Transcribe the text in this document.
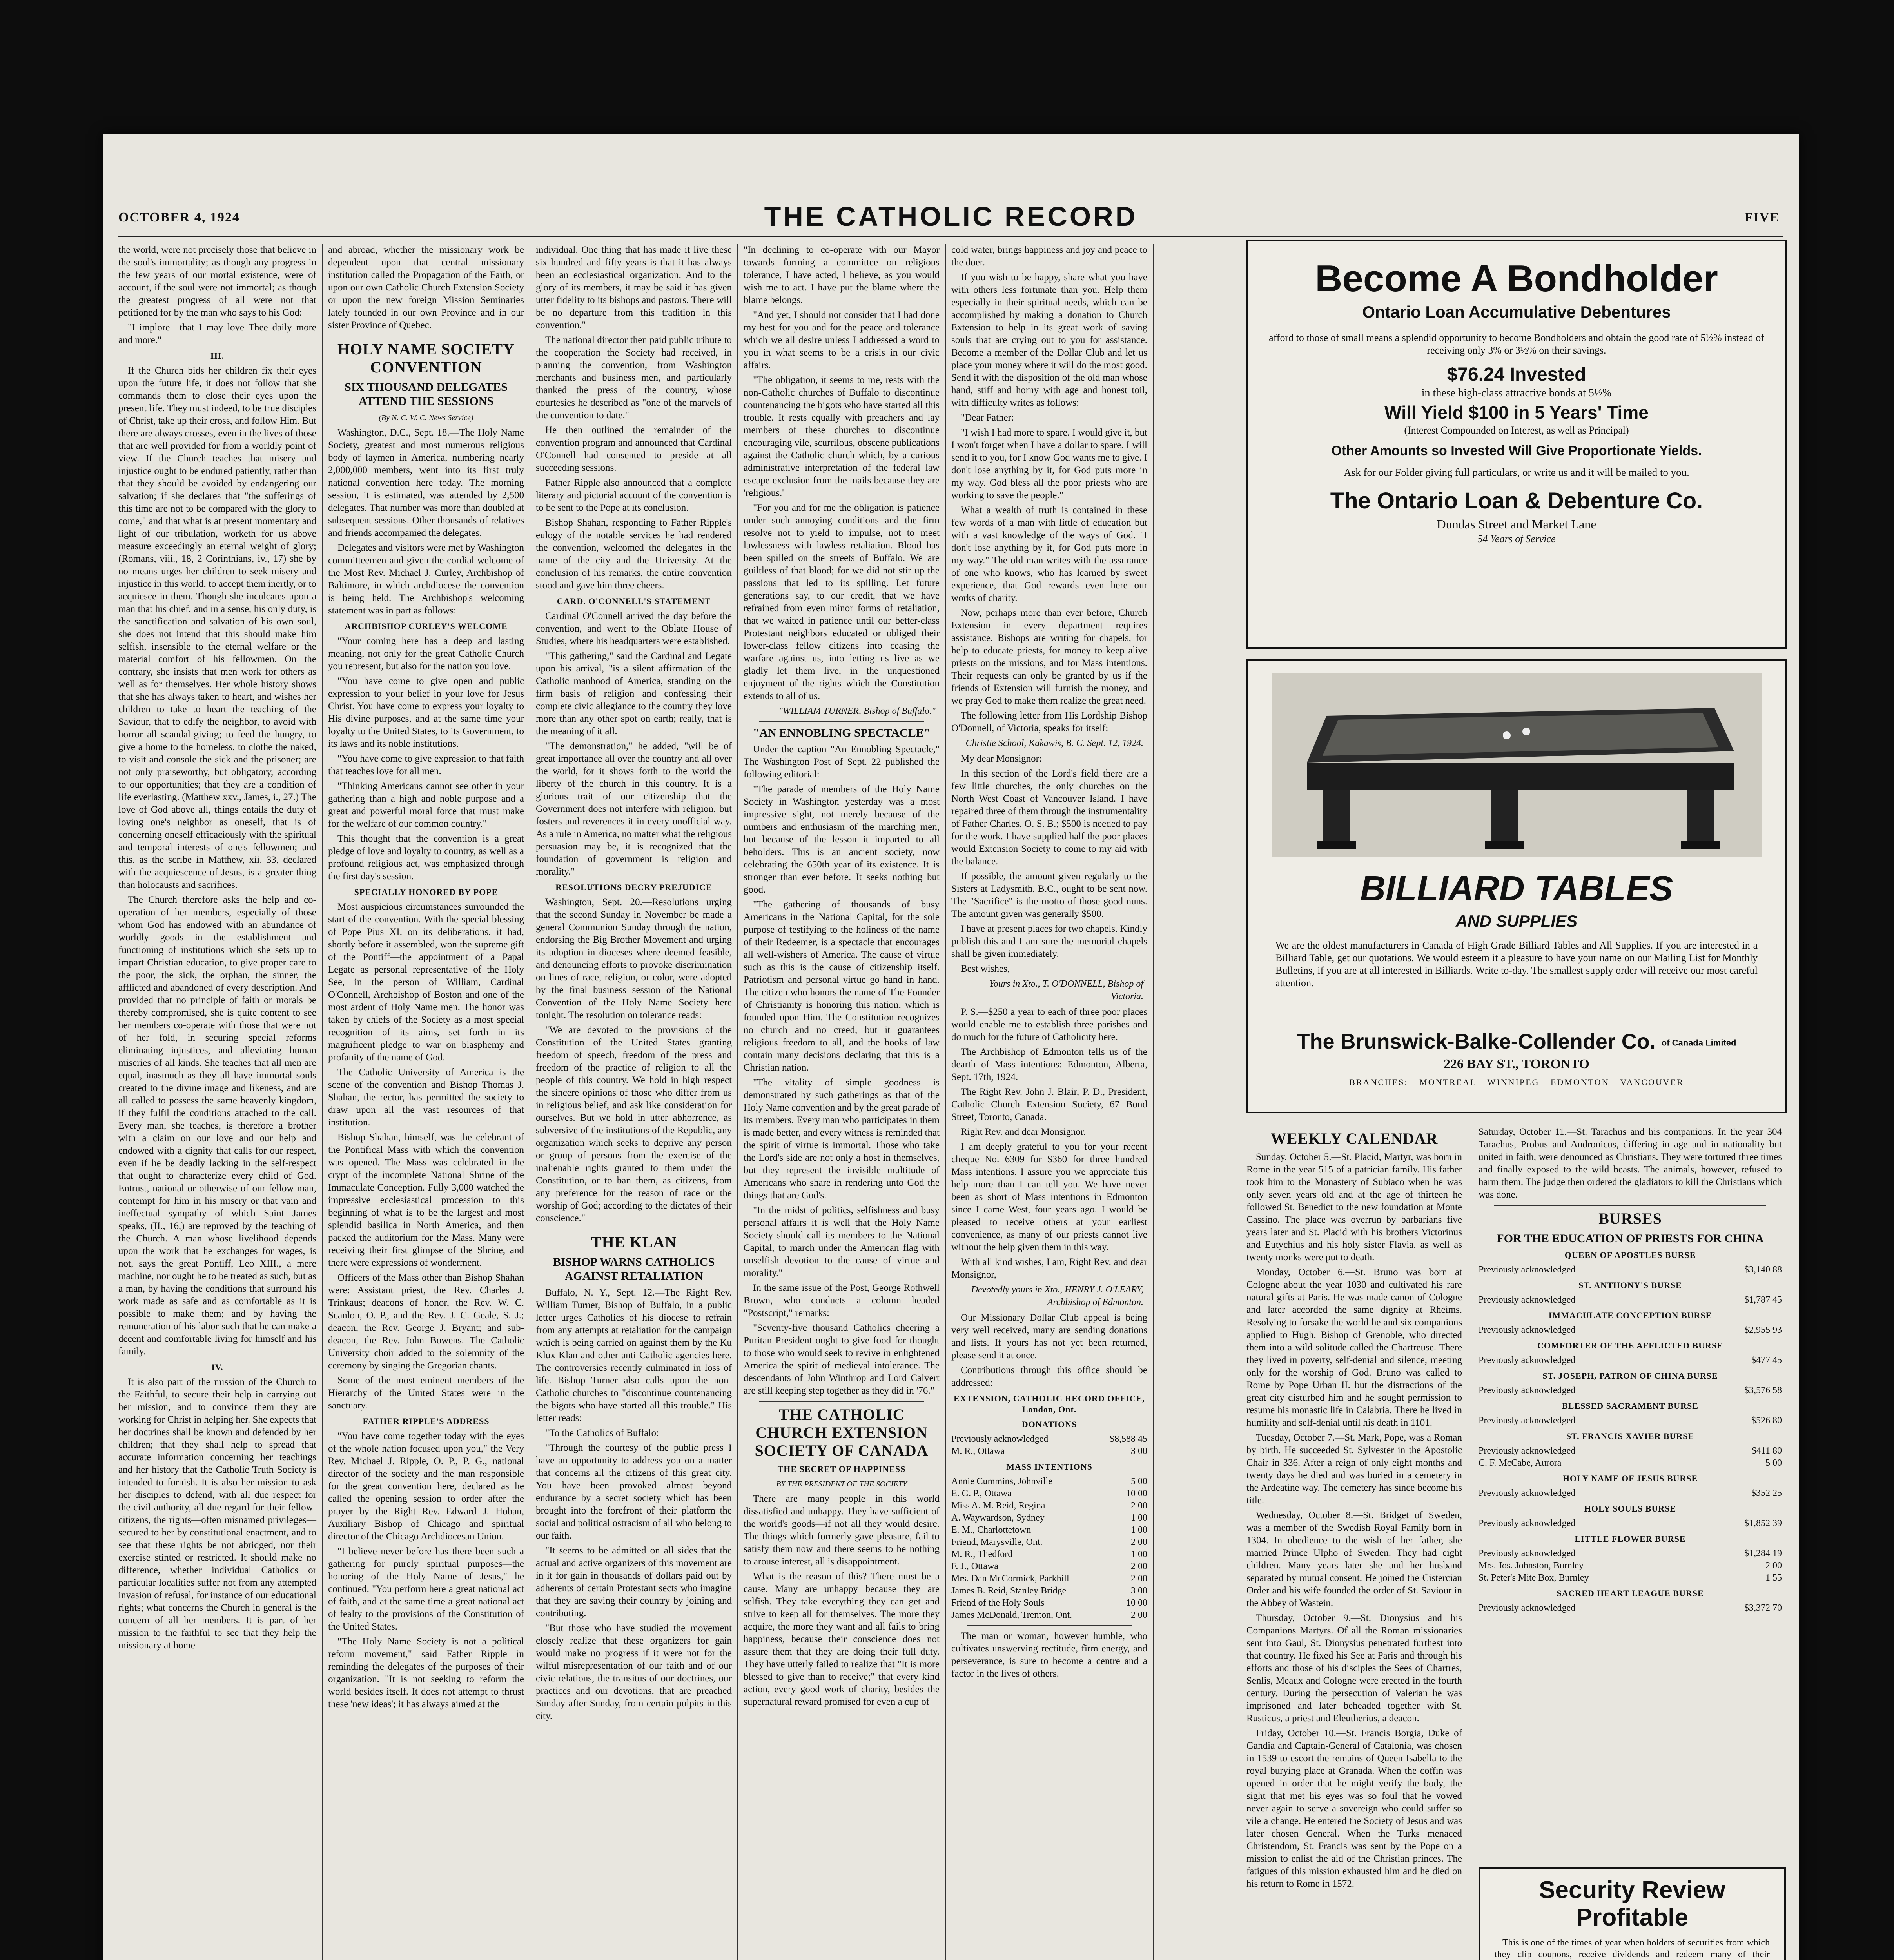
OCTOBER 4, 1924	THE CATHOLIC RECORD	FIVE

the world, were not precisely those that believe in the soul's immortality; as though any progress in the few years of our mortal existence, were of account, if the soul were not immortal; as though the greatest progress of all were not that petitioned for by the man who says to his God:

"I implore—that I may love Thee daily more and more."

III.

If the Church bids her children fix their eyes upon the future life, it does not follow that she commands them to close their eyes upon the present life. They must indeed, to be true disciples of Christ, take up their cross, and follow Him. But there are always crosses, even in the lives of those that are well provided for from a worldly point of view. If the Church teaches that misery and injustice ought to be endured patiently, rather than that they should be avoided by endangering our salvation; if she declares that "the sufferings of this time are not to be compared with the glory to come," and that what is at present momentary and light of our tribulation, worketh for us above measure exceedingly an eternal weight of glory; (Romans, viii., 18, 2 Corinthians, iv., 17) she by no means urges her children to seek misery and injustice in this world, to accept them inertly, or to acquiesce in them. Though she inculcates upon a man that his chief, and in a sense, his only duty, is the sanctification and salvation of his own soul, she does not intend that this should make him selfish, insensible to the eternal welfare or the material comfort of his fellowmen. On the contrary, she insists that men work for others as well as for themselves. Her whole history shows that she has always taken to heart, and wishes her children to take to heart the teaching of the Saviour, that to edify the neighbor, to avoid with horror all scandal-giving; to feed the hungry, to give a home to the homeless, to clothe the naked, to visit and console the sick and the prisoner; are not only praiseworthy, but obligatory, according to our opportunities; that they are a condition of life everlasting. (Matthew xxv., James, i., 27.) The love of God above all, things entails the duty of loving one's neighbor as oneself, that is of concerning oneself efficaciously with the spiritual and temporal interests of one's fellowmen; and this, as the scribe in Matthew, xii. 33, declared with the acquiescence of Jesus, is a greater thing than holocausts and sacrifices.

The Church therefore asks the help and co-operation of her members, especially of those whom God has endowed with an abundance of worldly goods in the establishment and functioning of institutions which she sets up to impart Christian education, to give proper care to the poor, the sick, the orphan, the sinner, the afflicted and abandoned of every description. And provided that no principle of faith or morals be thereby compromised, she is quite content to see her members co-operate with those that were not of her fold, in securing special reforms eliminating injustices, and alleviating human miseries of all kinds. She teaches that all men are equal, inasmuch as they all have immortal souls created to the divine image and likeness, and are all called to possess the same heavenly kingdom, if they fulfil the conditions attached to the call. Every man, she teaches, is therefore a brother with a claim on our love and our help and endowed with a dignity that calls for our respect, even if he be deadly lacking in the self-respect that ought to characterize every child of God. Entrust, national or otherwise of our fellow-man, contempt for him in his misery or that vain and ineffectual sympathy of which Saint James speaks, (II., 16,) are reproved by the teaching of the Church. A man whose livelihood depends upon the work that he exchanges for wages, is not, says the great Pontiff, Leo XIII., a mere machine, nor ought he to be treated as such, but as a man, by having the conditions that surround his work made as safe and as comfortable as it is possible to make them; and by having the remuneration of his labor such that he can make a decent and comfortable living for himself and his family.

IV.

It is also part of the mission of the Church to the Faithful, to secure their help in carrying out her mission, and to convince them they are working for Christ in helping her. She expects that her doctrines shall be known and defended by her children; that they shall help to spread that accurate information concerning her teachings and her history that the Catholic Truth Society is intended to furnish. It is also her mission to ask her disciples to defend, with all due respect for the civil authority, all due regard for their fellow-citizens, the rights—often misnamed privileges—secured to her by constitutional enactment, and to see that these rights be not abridged, nor their exercise stinted or restricted. It should make no difference, whether individual Catholics or particular localities suffer not from any attempted invasion of refusal, for instance of our educational rights; what concerns the Church in general is the concern of all her members. It is part of her mission to the faithful to see that they help the missionary at home

and abroad, whether the missionary work be dependent upon that central missionary institution called the Propagation of the Faith, or upon our own Catholic Church Extension Society or upon the new foreign Mission Seminaries lately founded in our own Province and in our sister Province of Quebec.

HOLY NAME SOCIETY CONVENTION
SIX THOUSAND DELEGATES ATTEND THE SESSIONS
(By N. C. W. C. News Service)

Washington, D.C., Sept. 18.—The Holy Name Society, greatest and most numerous religious body of laymen in America, numbering nearly 2,000,000 members, went into its first truly national convention here today. The morning session, it is estimated, was attended by 2,500 delegates. That number was more than doubled at subsequent sessions. Other thousands of relatives and friends accompanied the delegates.

Delegates and visitors were met by Washington committeemen and given the cordial welcome of the Most Rev. Michael J. Curley, Archbishop of Baltimore, in which archdiocese the convention is being held. The Archbishop's welcoming statement was in part as follows:

ARCHBISHOP CURLEY'S WELCOME

"Your coming here has a deep and lasting meaning, not only for the great Catholic Church you represent, but also for the nation you love.

"You have come to give open and public expression to your belief in your love for Jesus Christ. You have come to express your loyalty to His divine purposes, and at the same time your loyalty to the United States, to its Government, to its laws and its noble institutions.

"You have come to give expression to that faith that teaches love for all men.

"Thinking Americans cannot see other in your gathering than a high and noble purpose and a great and powerful moral force that must make for the welfare of our common country."

This thought that the convention is a great pledge of love and loyalty to country, as well as a profound religious act, was emphasized through the first day's session.

SPECIALLY HONORED BY POPE

Most auspicious circumstances surrounded the start of the convention. With the special blessing of Pope Pius XI. on its deliberations, it had, shortly before it assembled, won the supreme gift of the Pontiff—the appointment of a Papal Legate as personal representative of the Holy See, in the person of William, Cardinal O'Connell, Archbishop of Boston and one of the most ardent of Holy Name men. The honor was taken by chiefs of the Society as a most special recognition of its aims, set forth in its magnificent pledge to war on blasphemy and profanity of the name of God.

The Catholic University of America is the scene of the convention and Bishop Thomas J. Shahan, the rector, has permitted the society to draw upon all the vast resources of that institution.

Bishop Shahan, himself, was the celebrant of the Pontifical Mass with which the convention was opened. The Mass was celebrated in the crypt of the incomplete National Shrine of the Immaculate Conception. Fully 3,000 watched the impressive ecclesiastical procession to this beginning of what is to be the largest and most splendid basilica in North America, and then packed the auditorium for the Mass. Many were receiving their first glimpse of the Shrine, and there were expressions of wonderment.

Officers of the Mass other than Bishop Shahan were: Assistant priest, the Rev. Charles J. Trinkaus; deacons of honor, the Rev. W. C. Scanlon, O. P., and the Rev. J. C. Geale, S. J.; deacon, the Rev. George J. Bryant; and sub-deacon, the Rev. John Bowens. The Catholic University choir added to the solemnity of the ceremony by singing the Gregorian chants.

Some of the most eminent members of the Hierarchy of the United States were in the sanctuary.

FATHER RIPPLE'S ADDRESS

"You have come together today with the eyes of the whole nation focused upon you," the Very Rev. Michael J. Ripple, O. P., P. G., national director of the society and the man responsible for the great convention here, declared as he called the opening session to order after the prayer by the Right Rev. Edward J. Hoban, Auxiliary Bishop of Chicago and spiritual director of the Chicago Archdiocesan Union.

"I believe never before has there been such a gathering for purely spiritual purposes—the honoring of the Holy Name of Jesus," he continued. "You perform here a great national act of faith, and at the same time a great national act of fealty to the provisions of the Constitution of the United States.

"The Holy Name Society is not a political reform movement," said Father Ripple in reminding the delegates of the purposes of their organization. "It is not seeking to reform the world besides itself. It does not attempt to thrust these 'new ideas'; it has always aimed at the

individual. One thing that has made it live these six hundred and fifty years is that it has always been an ecclesiastical organization. And to the glory of its members, it may be said it has given utter fidelity to its bishops and pastors. There will be no departure from this tradition in this convention."

The national director then paid public tribute to the cooperation the Society had received, in planning the convention, from Washington merchants and business men, and particularly thanked the press of the country, whose courtesies he described as "one of the marvels of the convention to date."

He then outlined the remainder of the convention program and announced that Cardinal O'Connell had consented to preside at all succeeding sessions.

Father Ripple also announced that a complete literary and pictorial account of the convention is to be sent to the Pope at its conclusion.

Bishop Shahan, responding to Father Ripple's eulogy of the notable services he had rendered the convention, welcomed the delegates in the name of the city and the University. At the conclusion of his remarks, the entire convention stood and gave him three cheers.

CARD. O'CONNELL'S STATEMENT

Cardinal O'Connell arrived the day before the convention, and went to the Oblate House of Studies, where his headquarters were established.

"This gathering," said the Cardinal and Legate upon his arrival, "is a silent affirmation of the Catholic manhood of America, standing on the firm basis of religion and confessing their complete civic allegiance to the country they love more than any other spot on earth; really, that is the meaning of it all.

"The demonstration," he added, "will be of great importance all over the country and all over the world, for it shows forth to the world the liberty of the church in this country. It is a glorious trait of our citizenship that the Government does not interfere with religion, but fosters and reverences it in every unofficial way. As a rule in America, no matter what the religious persuasion may be, it is recognized that the foundation of government is religion and morality."

RESOLUTIONS DECRY PREJUDICE

Washington, Sept. 20.—Resolutions urging that the second Sunday in November be made a general Communion Sunday through the nation, endorsing the Big Brother Movement and urging its adoption in dioceses where deemed feasible, and denouncing efforts to provoke discrimination on lines of race, religion, or color, were adopted by the final business session of the National Convention of the Holy Name Society here tonight. The resolution on tolerance reads:

"We are devoted to the provisions of the Constitution of the United States granting freedom of speech, freedom of the press and freedom of the practice of religion to all the people of this country. We hold in high respect the sincere opinions of those who differ from us in religious belief, and ask like consideration for ourselves. But we hold in utter abhorrence, as subversive of the institutions of the Republic, any organization which seeks to deprive any person or group of persons from the exercise of the inalienable rights granted to them under the Constitution, or to ban them, as citizens, from any preference for the reason of race or the worship of God; according to the dictates of their conscience."

THE KLAN
BISHOP WARNS CATHOLICS AGAINST RETALIATION

Buffalo, N. Y., Sept. 12.—The Right Rev. William Turner, Bishop of Buffalo, in a public letter urges Catholics of his diocese to refrain from any attempts at retaliation for the campaign which is being carried on against them by the Ku Klux Klan and other anti-Catholic agencies here. The controversies recently culminated in loss of life. Bishop Turner also calls upon the non-Catholic churches to "discontinue countenancing the bigots who have started all this trouble." His letter reads:

"To the Catholics of Buffalo:

"Through the courtesy of the public press I have an opportunity to address you on a matter that concerns all the citizens of this great city. You have been provoked almost beyond endurance by a secret society which has been brought into the forefront of their platform the social and political ostracism of all who belong to our faith.

"It seems to be admitted on all sides that the actual and active organizers of this movement are in it for gain in thousands of dollars paid out by adherents of certain Protestant sects who imagine that they are saving their country by joining and contributing.

"But those who have studied the movement closely realize that these organizers for gain would make no progress if it were not for the wilful misrepresentation of our faith and of our civic relations, the transitus of our doctrines, our practices and our devotions, that are preached Sunday after Sunday, from certain pulpits in this city.

"In declining to co-operate with our Mayor towards forming a committee on religious tolerance, I have acted, I believe, as you would wish me to act. I have put the blame where the blame belongs.

"And yet, I should not consider that I had done my best for you and for the peace and tolerance which we all desire unless I addressed a word to you in what seems to be a crisis in our civic affairs.

"The obligation, it seems to me, rests with the non-Catholic churches of Buffalo to discontinue countenancing the bigots who have started all this trouble. It rests equally with preachers and lay members of these churches to discontinue encouraging vile, scurrilous, obscene publications against the Catholic church which, by a curious administrative interpretation of the federal law escape exclusion from the mails because they are 'religious.'

"For you and for me the obligation is patience under such annoying conditions and the firm resolve not to yield to impulse, not to meet lawlessness with lawless retaliation. Blood has been spilled on the streets of Buffalo. We are guiltless of that blood; for we did not stir up the passions that led to its spilling. Let future generations say, to our credit, that we have refrained from even minor forms of retaliation, that we waited in patience until our better-class Protestant neighbors educated or obliged their lower-class fellow citizens into ceasing the warfare against us, into letting us live as we gladly let them live, in the unquestioned enjoyment of the rights which the Constitution extends to all of us.

"WILLIAM TURNER, Bishop of Buffalo."
"AN ENNOBLING SPECTACLE"

Under the caption "An Ennobling Spectacle," The Washington Post of Sept. 22 published the following editorial:

"The parade of members of the Holy Name Society in Washington yesterday was a most impressive sight, not merely because of the numbers and enthusiasm of the marching men, but because of the lesson it imparted to all beholders. This is an ancient society, now celebrating the 650th year of its existence. It is stronger than ever before. It seeks nothing but good.

"The gathering of thousands of busy Americans in the National Capital, for the sole purpose of testifying to the holiness of the name of their Redeemer, is a spectacle that encourages all well-wishers of America. The cause of virtue such as this is the cause of citizenship itself. Patriotism and personal virtue go hand in hand. The citizen who honors the name of The Founder of Christianity is honoring this nation, which is founded upon Him. The Constitution recognizes no church and no creed, but it guarantees religious freedom to all, and the books of law contain many decisions declaring that this is a Christian nation.

"The vitality of simple goodness is demonstrated by such gatherings as that of the Holy Name convention and by the great parade of its members. Every man who participates in them is made better, and every witness is reminded that the spirit of virtue is immortal. Those who take the Lord's side are not only a host in themselves, but they represent the invisible multitude of Americans who share in rendering unto God the things that are God's.

"In the midst of politics, selfishness and busy personal affairs it is well that the Holy Name Society should call its members to the National Capital, to march under the American flag with unselfish devotion to the cause of virtue and morality."

In the same issue of the Post, George Rothwell Brown, who conducts a column headed "Postscript," remarks:

"Seventy-five thousand Catholics cheering a Puritan President ought to give food for thought to those who would seek to revive in enlightened America the spirit of medieval intolerance. The descendants of John Winthrop and Lord Calvert are still keeping step together as they did in '76."

THE CATHOLIC CHURCH EXTENSION SOCIETY OF CANADA
THE SECRET OF HAPPINESS
BY THE PRESIDENT OF THE SOCIETY

There are many people in this world dissatisfied and unhappy. They have sufficient of the world's goods—if not all they would desire. The things which formerly gave pleasure, fail to satisfy them now and there seems to be nothing to arouse interest, all is disappointment.

What is the reason of this? There must be a cause. Many are unhappy because they are selfish. They take everything they can get and strive to keep all for themselves. The more they acquire, the more they want and all fails to bring happiness, because their conscience does not assure them that they are doing their full duty. They have utterly failed to realize that "It is more blessed to give than to receive;" that every kind action, every good work of charity, besides the supernatural reward promised for even a cup of

cold water, brings happiness and joy and peace to the doer.

If you wish to be happy, share what you have with others less fortunate than you. Help them especially in their spiritual needs, which can be accomplished by making a donation to Church Extension to help in its great work of saving souls that are crying out to you for assistance. Become a member of the Dollar Club and let us place your money where it will do the most good. Send it with the disposition of the old man whose hand, stiff and horny with age and honest toil, with difficulty writes as follows:

"Dear Father:

"I wish I had more to spare. I would give it, but I won't forget when I have a dollar to spare. I will send it to you, for I know God wants me to give. I don't lose anything by it, for God puts more in my way. God bless all the poor priests who are working to save the people."

What a wealth of truth is contained in these few words of a man with little of education but with a vast knowledge of the ways of God. "I don't lose anything by it, for God puts more in my way." The old man writes with the assurance of one who knows, who has learned by sweet experience, that God rewards even here our works of charity.

Now, perhaps more than ever before, Church Extension in every department requires assistance. Bishops are writing for chapels, for help to educate priests, for money to keep alive priests on the missions, and for Mass intentions. Their requests can only be granted by us if the friends of Extension will furnish the money, and we pray God to make them realize the great need.

The following letter from His Lordship Bishop O'Donnell, of Victoria, speaks for itself:

Christie School, Kakawis, B. C. Sept. 12, 1924.

My dear Monsignor:

In this section of the Lord's field there are a few little churches, the only churches on the North West Coast of Vancouver Island. I have repaired three of them through the instrumentality of Father Charles, O. S. B.; $500 is needed to pay for the work. I have supplied half the poor places would Extension Society to come to my aid with the balance.

If possible, the amount given regularly to the Sisters at Ladysmith, B.C., ought to be sent now. The "Sacrifice" is the motto of those good nuns. The amount given was generally $500.

I have at present places for two chapels. Kindly publish this and I am sure the memorial chapels shall be given immediately.

Best wishes,

Yours in Xto., T. O'DONNELL, Bishop of Victoria.

P. S.—$250 a year to each of three poor places would enable me to establish three parishes and do much for the future of Catholicity here.

The Archbishop of Edmonton tells us of the dearth of Mass intentions: Edmonton, Alberta, Sept. 17th, 1924.

The Right Rev. John J. Blair, P. D., President, Catholic Church Extension Society, 67 Bond Street, Toronto, Canada.

Right Rev. and dear Monsignor,

I am deeply grateful to you for your recent cheque No. 6309 for $360 for three hundred Mass intentions. I assure you we appreciate this help more than I can tell you. We have never been as short of Mass intentions in Edmonton since I came West, four years ago. I would be pleased to receive others at your earliest convenience, as many of our priests cannot live without the help given them in this way.

With all kind wishes, I am, Right Rev. and dear Monsignor,

Devotedly yours in Xto., HENRY J. O'LEARY, Archbishop of Edmonton.

Our Missionary Dollar Club appeal is being very well received, many are sending donations and lists. If yours has not yet been returned, please send it at once.

Contributions through this office should be addressed:

EXTENSION, CATHOLIC RECORD OFFICE, London, Ont.
DONATIONS
Previously acknowledged	$8,588 45
M. R., Ottawa	3 00
MASS INTENTIONS
Annie Cummins, Johnville	5 00
E. G. P., Ottawa	10 00
Miss A. M. Reid, Regina	2 00
A. Waywardson, Sydney	1 00
E. M., Charlottetown	1 00
Friend, Marysville, Ont.	2 00
M. R., Thedford	1 00
F. J., Ottawa	2 00
Mrs. Dan McCormick, Parkhill	2 00
James B. Reid, Stanley Bridge	3 00
Friend of the Holy Souls	10 00
James McDonald, Trenton, Ont.	2 00

The man or woman, however humble, who cultivates unswerving rectitude, firm energy, and perseverance, is sure to become a centre and a factor in the lives of others.

Become A Bondholder
Ontario Loan Accumulative Debentures
afford to those of small means a splendid opportunity to become Bondholders and obtain the good rate of 5½% instead of receiving only 3% or 3½% on their savings.
$76.24 Invested
in these high-class attractive bonds at 5½%
Will Yield $100 in 5 Years' Time
(Interest Compounded on Interest, as well as Principal)
Other Amounts so Invested Will Give Proportionate Yields.
Ask for our Folder giving full particulars, or write us and it will be mailed to you.
The Ontario Loan & Debenture Co.
Dundas Street and Market Lane
54 Years of Service
BILLIARD TABLES
AND SUPPLIES
We are the oldest manufacturers in Canada of High Grade Billiard Tables and All Supplies. If you are interested in a Billiard Table, get our quotations. We would esteem it a pleasure to have your name on our Mailing List for Monthly Bulletins, if you are at all interested in Billiards. Write to-day. The smallest supply order will receive our most careful attention.
The Brunswick-Balke-Collender Co. of Canada Limited
226 BAY ST., TORONTO
BRANCHES: MONTREAL WINNIPEG EDMONTON VANCOUVER
WEEKLY CALENDAR

Sunday, October 5.—St. Placid, Martyr, was born in Rome in the year 515 of a patrician family. His father took him to the Monastery of Subiaco when he was only seven years old and at the age of thirteen he followed St. Benedict to the new foundation at Monte Cassino. The place was overrun by barbarians five years later and St. Placid with his brothers Victorinus and Eutychius and his holy sister Flavia, as well as twenty monks were put to death.

Monday, October 6.—St. Bruno was born at Cologne about the year 1030 and cultivated his rare natural gifts at Paris. He was made canon of Cologne and later accorded the same dignity at Rheims. Resolving to forsake the world he and six companions applied to Hugh, Bishop of Grenoble, who directed them into a wild solitude called the Chartreuse. There they lived in poverty, self-denial and silence, meeting only for the worship of God. Bruno was called to Rome by Pope Urban II. but the distractions of the great city disturbed him and he sought permission to resume his monastic life in Calabria. There he lived in humility and self-denial until his death in 1101.

Tuesday, October 7.—St. Mark, Pope, was a Roman by birth. He succeeded St. Sylvester in the Apostolic Chair in 336. After a reign of only eight months and twenty days he died and was buried in a cemetery in the Ardeatine way. The cemetery has since become his title.

Wednesday, October 8.—St. Bridget of Sweden, was a member of the Swedish Royal Family born in 1304. In obedience to the wish of her father, she married Prince Ulpho of Sweden. They had eight children. Many years later she and her husband separated by mutual consent. He joined the Cistercian Order and his wife founded the order of St. Saviour in the Abbey of Wastein.

Thursday, October 9.—St. Dionysius and his Companions Martyrs. Of all the Roman missionaries sent into Gaul, St. Dionysius penetrated furthest into that country. He fixed his See at Paris and through his efforts and those of his disciples the Sees of Chartres, Senlis, Meaux and Cologne were erected in the fourth century. During the persecution of Valerian he was imprisoned and later beheaded together with St. Rusticus, a priest and Eleutherius, a deacon.

Friday, October 10.—St. Francis Borgia, Duke of Gandia and Captain-General of Catalonia, was chosen in 1539 to escort the remains of Queen Isabella to the royal burying place at Granada. When the coffin was opened in order that he might verify the body, the sight that met his eyes was so foul that he vowed never again to serve a sovereign who could suffer so vile a change. He entered the Society of Jesus and was later chosen General. When the Turks menaced Christendom, St. Francis was sent by the Pope on a mission to enlist the aid of the Christian princes. The fatigues of this mission exhausted him and he died on his return to Rome in 1572.

Saturday, October 11.—St. Tarachus and his companions. In the year 304 Tarachus, Probus and Andronicus, differing in age and in nationality but united in faith, were denounced as Christians. They were tortured three times and finally exposed to the wild beasts. The animals, however, refused to harm them. The judge then ordered the gladiators to kill the Christians which was done.

BURSES
FOR THE EDUCATION OF PRIESTS FOR CHINA
QUEEN OF APOSTLES BURSE
Previously acknowledged	$3,140 88
ST. ANTHONY'S BURSE
Previously acknowledged	$1,787 45
IMMACULATE CONCEPTION BURSE
Previously acknowledged	$2,955 93
COMFORTER OF THE AFFLICTED BURSE
Previously acknowledged	$477 45
ST. JOSEPH, PATRON OF CHINA BURSE
Previously acknowledged	$3,576 58
BLESSED SACRAMENT BURSE
Previously acknowledged	$526 80
ST. FRANCIS XAVIER BURSE
Previously acknowledged	$411 80
C. F. McCabe, Aurora	5 00
HOLY NAME OF JESUS BURSE
Previously acknowledged	$352 25
HOLY SOULS BURSE
Previously acknowledged	$1,852 39
LITTLE FLOWER BURSE
Previously acknowledged	$1,284 19
Mrs. Jos. Johnston, Burnley	2 00
St. Peter's Mite Box, Burnley	1 55
SACRED HEART LEAGUE BURSE
Previously acknowledged	$3,372 70
Security Review Profitable

This is one of the times of year when holders of securities from which they clip coupons, receive dividends and redeem many of their
